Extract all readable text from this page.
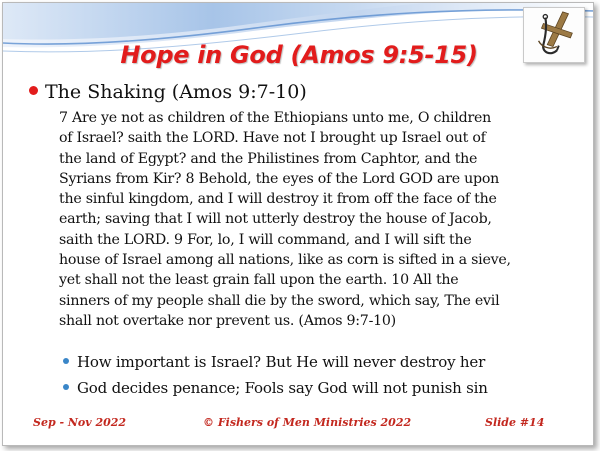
Hope in God (Amos 9:5-15)
The Shaking (Amos 9:7-10)
7 Are ye not as children of the Ethiopians unto me, O children
of Israel? saith the LORD. Have not I brought up Israel out of
the land of Egypt? and the Philistines from Caphtor, and the
Syrians from Kir? 8 Behold, the eyes of the Lord GOD are upon
the sinful kingdom, and I will destroy it from off the face of the
earth; saving that I will not utterly destroy the house of Jacob,
saith the LORD. 9 For, lo, I will command, and I will sift the
house of Israel among all nations, like as corn is sifted in a sieve,
yet shall not the least grain fall upon the earth. 10 All the
sinners of my people shall die by the sword, which say, The evil
shall not overtake nor prevent us. (Amos 9:7-10)
How important is Israel? But He will never destroy her
God decides penance; Fools say God will not punish sin
Sep - Nov 2022	© Fishers of Men Ministries 2022	Slide #14
